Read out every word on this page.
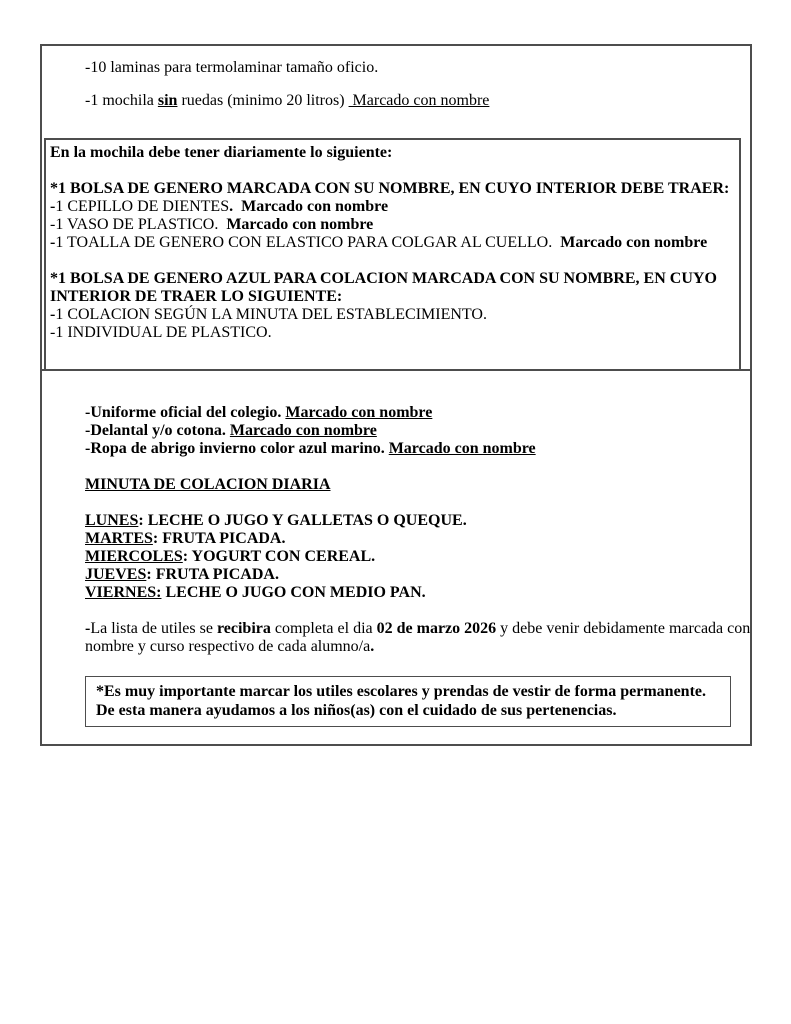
-10 laminas para termolaminar tamaño oficio.
-1 mochila sin ruedas (minimo 20 litros)  Marcado con nombre
En la mochila debe tener diariamente lo siguiente:
*1 BOLSA DE GENERO MARCADA CON SU NOMBRE, EN CUYO INTERIOR DEBE TRAER:
-1 CEPILLO DE DIENTES.  Marcado con nombre
-1 VASO DE PLASTICO.  Marcado con nombre
-1 TOALLA DE GENERO CON ELASTICO PARA COLGAR AL CUELLO.  Marcado con nombre
*1 BOLSA DE GENERO AZUL PARA COLACION MARCADA CON SU NOMBRE, EN CUYO
INTERIOR DE TRAER LO SIGUIENTE:
-1 COLACION SEGÚN LA MINUTA DEL ESTABLECIMIENTO.
-1 INDIVIDUAL DE PLASTICO.
-Uniforme oficial del colegio. Marcado con nombre
-Delantal y/o cotona. Marcado con nombre
-Ropa de abrigo invierno color azul marino. Marcado con nombre
MINUTA DE COLACION DIARIA
LUNES: LECHE O JUGO Y GALLETAS O QUEQUE.
MARTES: FRUTA PICADA.
MIERCOLES: YOGURT CON CEREAL.
JUEVES: FRUTA PICADA.
VIERNES: LECHE O JUGO CON MEDIO PAN.
-La lista de utiles se recibira completa el dia 02 de marzo 2026 y debe venir debidamente marcada con
nombre y curso respectivo de cada alumno/a.
*Es muy importante marcar los utiles escolares y prendas de vestir de forma permanente.
De esta manera ayudamos a los niños(as) con el cuidado de sus pertenencias.
